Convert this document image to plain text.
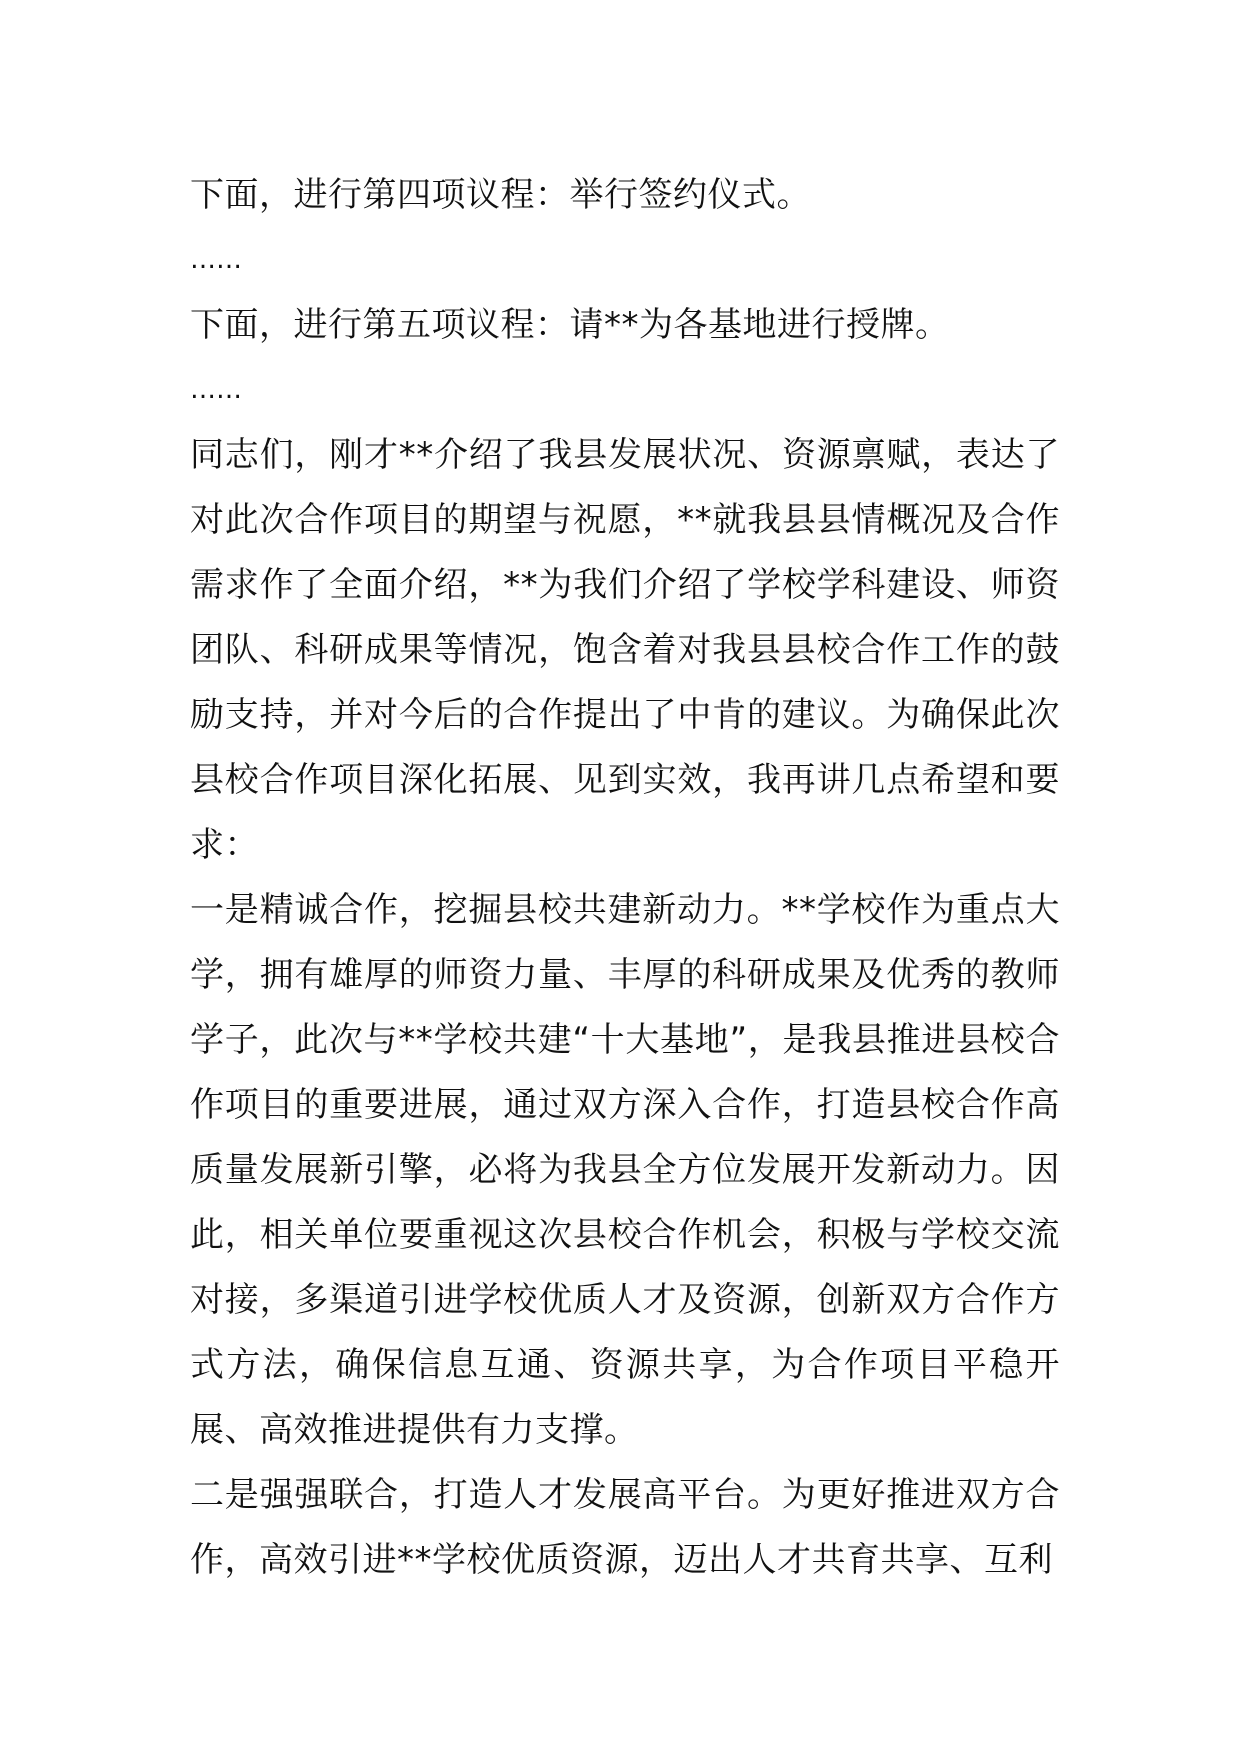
下面，进行第四项议程：举行签约仪式。

……

下面，进行第五项议程：请**为各基地进行授牌。

……

同志们，刚才**介绍了我县发展状况、资源禀赋，表达了对此次合作项目的期望与祝愿，**就我县县情概况及合作需求作了全面介绍，**为我们介绍了学校学科建设、师资团队、科研成果等情况，饱含着对我县县校合作工作的鼓励支持，并对今后的合作提出了中肯的建议。为确保此次县校合作项目深化拓展、见到实效，我再讲几点希望和要求：

一是精诚合作，挖掘县校共建新动力。**学校作为重点大学，拥有雄厚的师资力量、丰厚的科研成果及优秀的教师学子，此次与**学校共建“十大基地”，是我县推进县校合作项目的重要进展，通过双方深入合作，打造县校合作高质量发展新引擎，必将为我县全方位发展开发新动力。因此，相关单位要重视这次县校合作机会，积极与学校交流对接，多渠道引进学校优质人才及资源，创新双方合作方式方法，确保信息互通、资源共享，为合作项目平稳开展、高效推进提供有力支撑。

二是强强联合，打造人才发展高平台。为更好推进双方合作，高效引进**学校优质资源，迈出人才共育共享、互利
